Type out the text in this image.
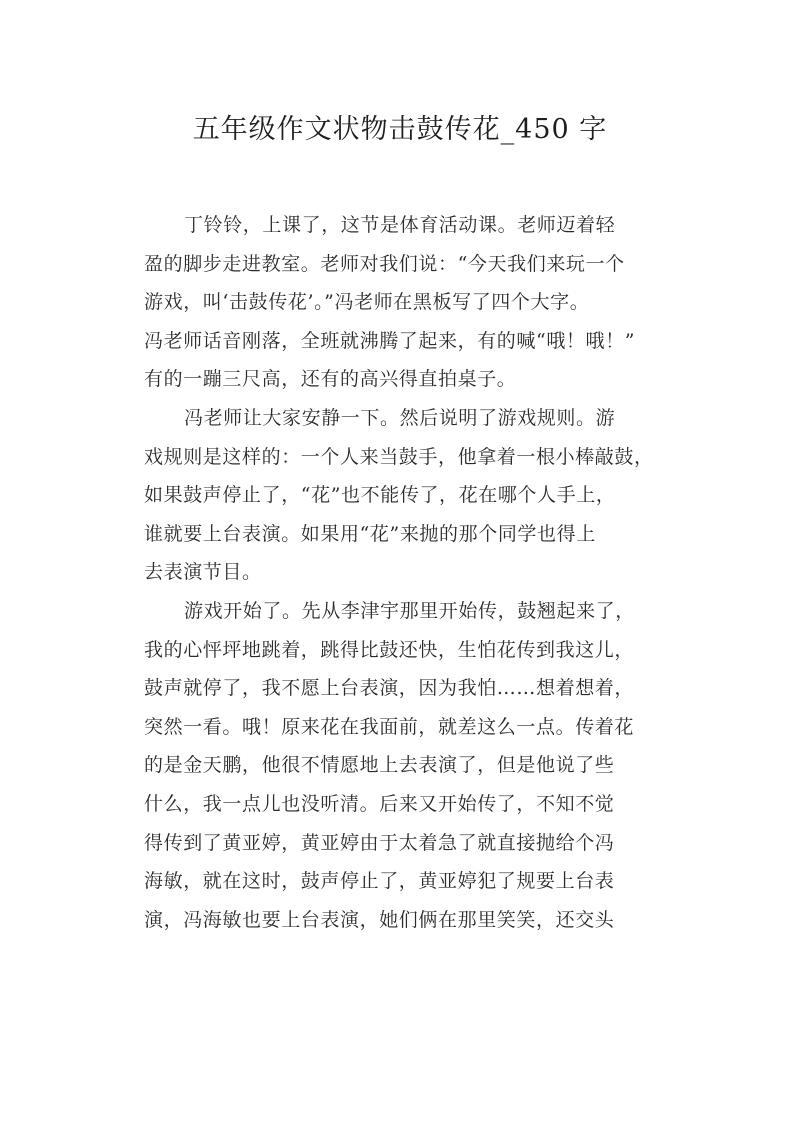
五年级作文状物击鼓传花_450 字
丁铃铃，上课了，这节是体育活动课。老师迈着轻
盈的脚步走进教室。老师对我们说：“今天我们来玩一个
游戏，叫‘击鼓传花’。”冯老师在黑板写了四个大字。
冯老师话音刚落，全班就沸腾了起来，有的喊“哦！哦！”
有的一蹦三尺高，还有的高兴得直拍桌子。
冯老师让大家安静一下。然后说明了游戏规则。游
戏规则是这样的：一个人来当鼓手，他拿着一根小棒敲鼓，
如果鼓声停止了，“花”也不能传了，花在哪个人手上，
谁就要上台表演。如果用“花”来抛的那个同学也得上
去表演节目。
游戏开始了。先从李津宇那里开始传，鼓翘起来了，
我的心怦坪地跳着，跳得比鼓还快，生怕花传到我这儿，
鼓声就停了，我不愿上台表演，因为我怕……想着想着，
突然一看。哦！原来花在我面前，就差这么一点。传着花
的是金天鹏，他很不情愿地上去表演了，但是他说了些
什么，我一点儿也没听清。后来又开始传了，不知不觉
得传到了黄亚婷，黄亚婷由于太着急了就直接抛给个冯
海敏，就在这时，鼓声停止了，黄亚婷犯了规要上台表
演，冯海敏也要上台表演，她们俩在那里笑笑，还交头
